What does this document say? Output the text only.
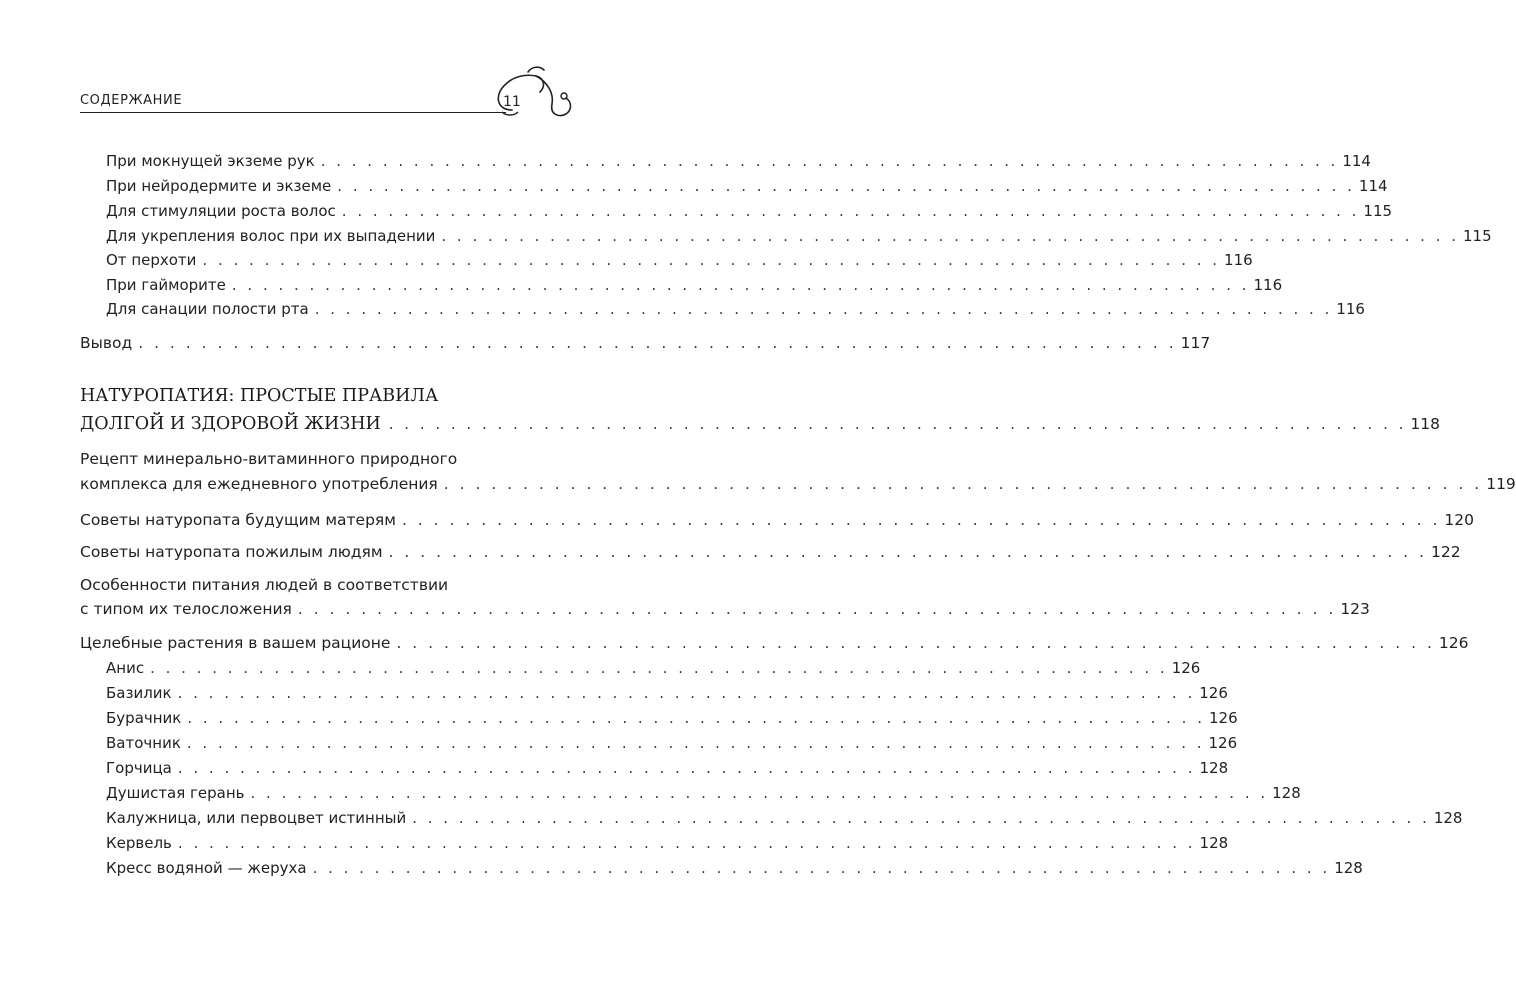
СОДЕРЖАНИЕ	11
При мокнущей экземе рук . . . . . . . . . . . . . . . . . . . . . . . . . . . . . . . . . . . . . . . . . . . . . . . . . . . . . . . . . . . . . . . . . . 114
При нейродермите и экземе . . . . . . . . . . . . . . . . . . . . . . . . . . . . . . . . . . . . . . . . . . . . . . . . . . . . . . . . . . . . . . . . . . 114
Для стимуляции роста волос . . . . . . . . . . . . . . . . . . . . . . . . . . . . . . . . . . . . . . . . . . . . . . . . . . . . . . . . . . . . . . . . . . 115
Для укрепления волос при их выпадении . . . . . . . . . . . . . . . . . . . . . . . . . . . . . . . . . . . . . . . . . . . . . . . . . . . . . . . . . . . . . . . . . . 115
От перхоти . . . . . . . . . . . . . . . . . . . . . . . . . . . . . . . . . . . . . . . . . . . . . . . . . . . . . . . . . . . . . . . . . . 116
При гайморите . . . . . . . . . . . . . . . . . . . . . . . . . . . . . . . . . . . . . . . . . . . . . . . . . . . . . . . . . . . . . . . . . . 116
Для санации полости рта . . . . . . . . . . . . . . . . . . . . . . . . . . . . . . . . . . . . . . . . . . . . . . . . . . . . . . . . . . . . . . . . . . 116
Вывод . . . . . . . . . . . . . . . . . . . . . . . . . . . . . . . . . . . . . . . . . . . . . . . . . . . . . . . . . . . . . . . . . . 117
НАТУРОПАТИЯ: ПРОСТЫЕ ПРАВИЛА
ДОЛГОЙ И ЗДОРОВОЙ ЖИЗНИ . . . . . . . . . . . . . . . . . . . . . . . . . . . . . . . . . . . . . . . . . . . . . . . . . . . . . . . . . . . . . . . . . . 118
Рецепт минерально-витаминного природного
комплекса для ежедневного употребления . . . . . . . . . . . . . . . . . . . . . . . . . . . . . . . . . . . . . . . . . . . . . . . . . . . . . . . . . . . . . . . . . . 119
Советы натуропата будущим матерям . . . . . . . . . . . . . . . . . . . . . . . . . . . . . . . . . . . . . . . . . . . . . . . . . . . . . . . . . . . . . . . . . . 120
Советы натуропата пожилым людям . . . . . . . . . . . . . . . . . . . . . . . . . . . . . . . . . . . . . . . . . . . . . . . . . . . . . . . . . . . . . . . . . . 122
Особенности питания людей в соответствии
с типом их телосложения . . . . . . . . . . . . . . . . . . . . . . . . . . . . . . . . . . . . . . . . . . . . . . . . . . . . . . . . . . . . . . . . . . 123
Целебные растения в вашем рационе . . . . . . . . . . . . . . . . . . . . . . . . . . . . . . . . . . . . . . . . . . . . . . . . . . . . . . . . . . . . . . . . . . 126
Анис . . . . . . . . . . . . . . . . . . . . . . . . . . . . . . . . . . . . . . . . . . . . . . . . . . . . . . . . . . . . . . . . . . 126
Базилик . . . . . . . . . . . . . . . . . . . . . . . . . . . . . . . . . . . . . . . . . . . . . . . . . . . . . . . . . . . . . . . . . . 126
Бурачник . . . . . . . . . . . . . . . . . . . . . . . . . . . . . . . . . . . . . . . . . . . . . . . . . . . . . . . . . . . . . . . . . . 126
Ваточник . . . . . . . . . . . . . . . . . . . . . . . . . . . . . . . . . . . . . . . . . . . . . . . . . . . . . . . . . . . . . . . . . . 126
Горчица . . . . . . . . . . . . . . . . . . . . . . . . . . . . . . . . . . . . . . . . . . . . . . . . . . . . . . . . . . . . . . . . . . 128
Душистая герань . . . . . . . . . . . . . . . . . . . . . . . . . . . . . . . . . . . . . . . . . . . . . . . . . . . . . . . . . . . . . . . . . . 128
Калужница, или первоцвет истинный . . . . . . . . . . . . . . . . . . . . . . . . . . . . . . . . . . . . . . . . . . . . . . . . . . . . . . . . . . . . . . . . . . 128
Кервель . . . . . . . . . . . . . . . . . . . . . . . . . . . . . . . . . . . . . . . . . . . . . . . . . . . . . . . . . . . . . . . . . . 128
Кресс водяной — жеруха . . . . . . . . . . . . . . . . . . . . . . . . . . . . . . . . . . . . . . . . . . . . . . . . . . . . . . . . . . . . . . . . . . 128
